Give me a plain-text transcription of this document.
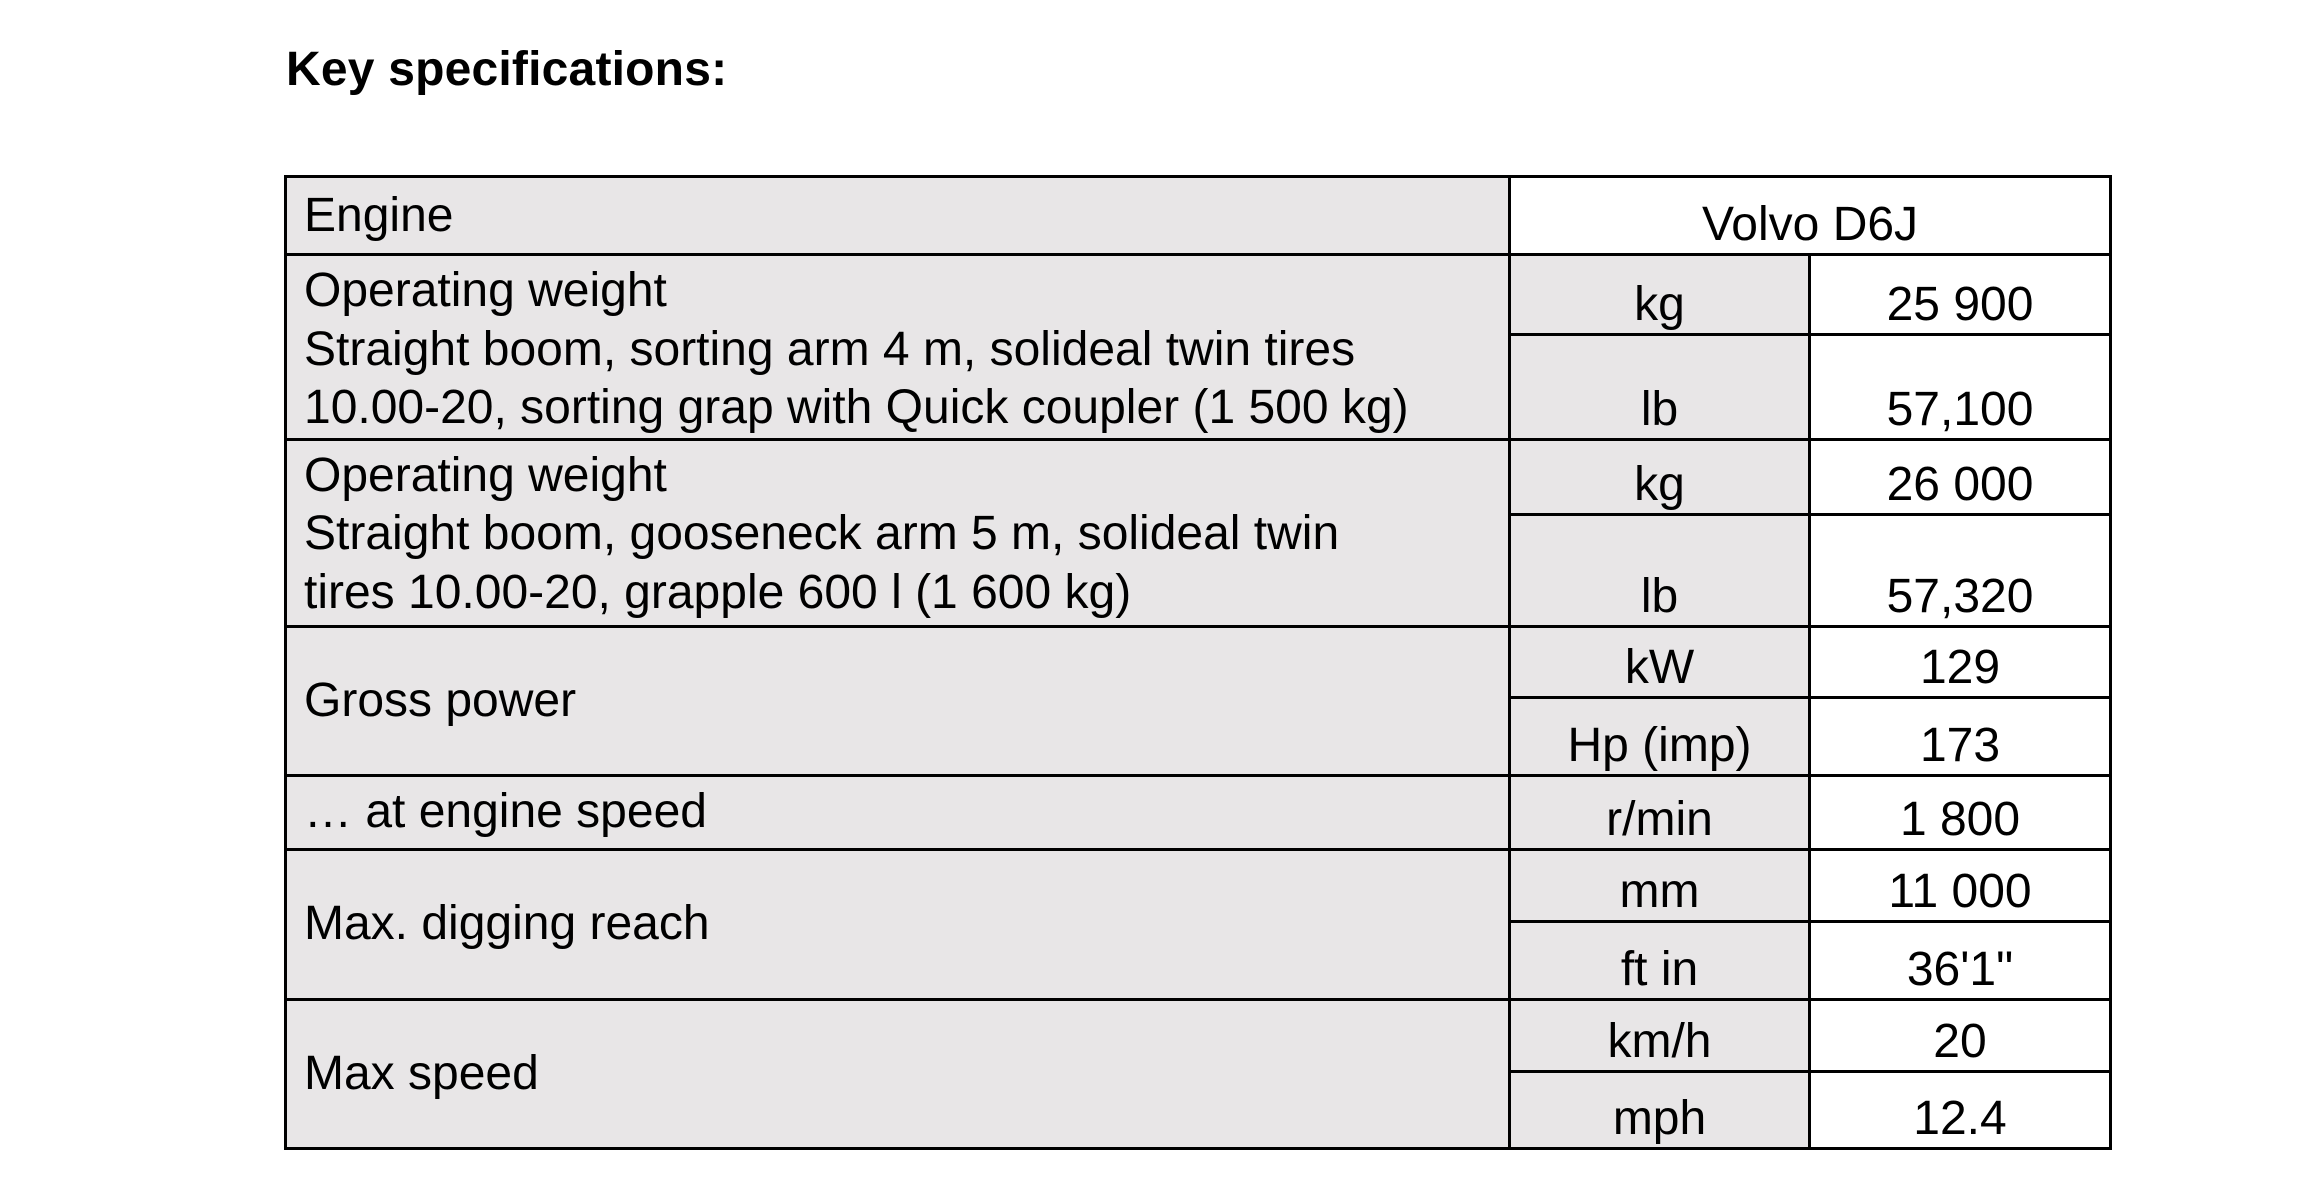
Key specifications:
Engine	Volvo D6J	

Operating weight
Straight boom, sorting arm 4 m, solideal twin tires
10.00-20, sorting grap with Quick coupler (1 500 kg)	kg	25 900
	lb	57,100

Operating weight
Straight boom, gooseneck arm 5 m, solideal twin
tires 10.00-20, grapple 600 l (1 600 kg)	kg	26 000
	lb	57,320
Gross power	kW	129
	Hp (imp)	173
… at engine speed	r/min	1 800
Max. digging reach	mm	11 000
	ft in	36'1"
Max speed	km/h	20
	mph	12.4
